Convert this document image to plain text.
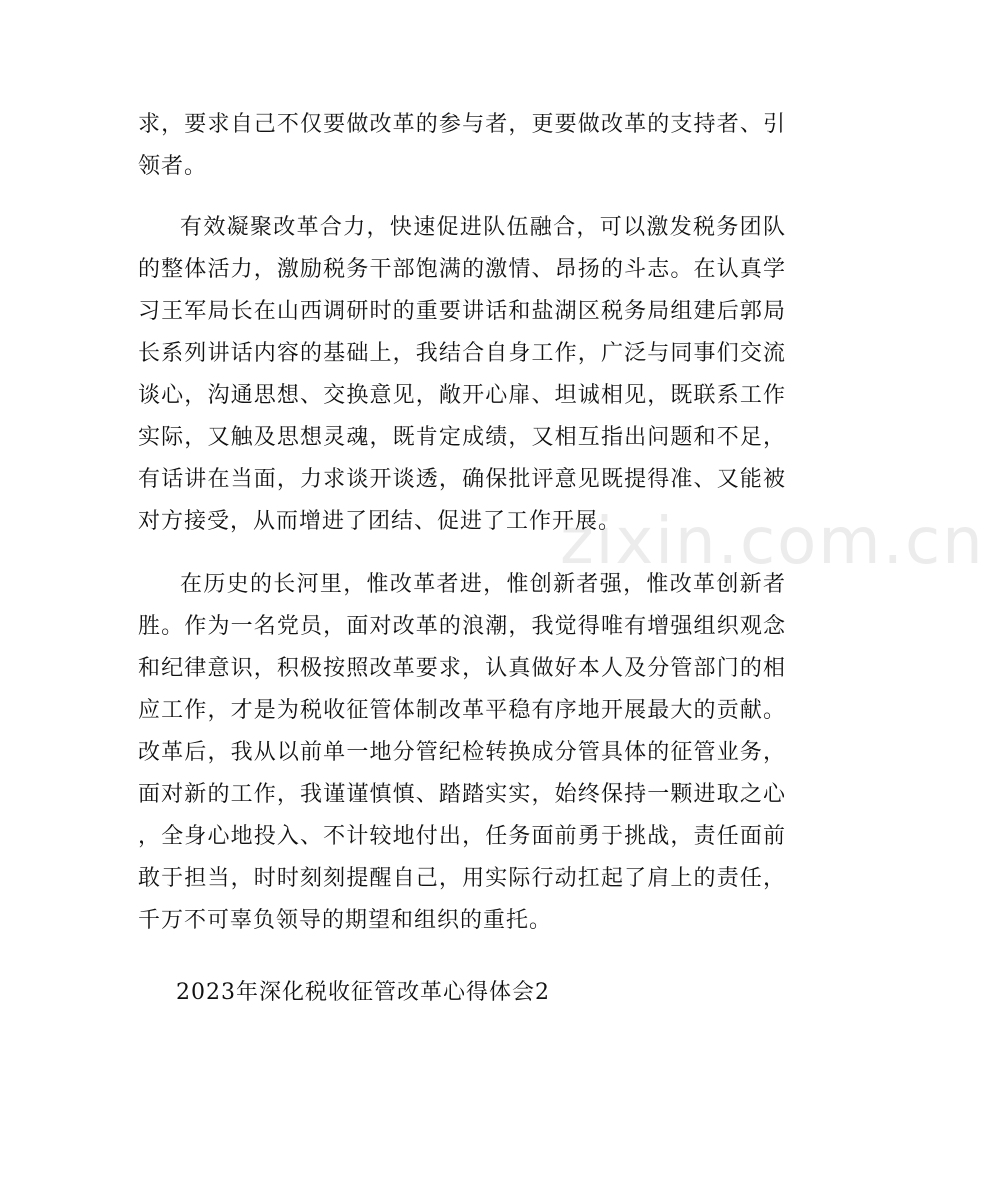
zixin.com.cn
求，要求自己不仅要做改革的参与者，更要做改革的支持者、引
领者。
有效凝聚改革合力，快速促进队伍融合，可以激发税务团队
的整体活力，激励税务干部饱满的激情、昂扬的斗志。在认真学
习王军局长在山西调研时的重要讲话和盐湖区税务局组建后郭局
长系列讲话内容的基础上，我结合自身工作，广泛与同事们交流
谈心，沟通思想、交换意见，敞开心扉、坦诚相见，既联系工作
实际，又触及思想灵魂，既肯定成绩，又相互指出问题和不足，
有话讲在当面，力求谈开谈透，确保批评意见既提得准、又能被
对方接受，从而增进了团结、促进了工作开展。
在历史的长河里，惟改革者进，惟创新者强，惟改革创新者
胜。作为一名党员，面对改革的浪潮，我觉得唯有增强组织观念
和纪律意识，积极按照改革要求，认真做好本人及分管部门的相
应工作，才是为税收征管体制改革平稳有序地开展最大的贡献。
改革后，我从以前单一地分管纪检转换成分管具体的征管业务，
面对新的工作，我谨谨慎慎、踏踏实实，始终保持一颗进取之心
，全身心地投入、不计较地付出，任务面前勇于挑战，责任面前
敢于担当，时时刻刻提醒自己，用实际行动扛起了肩上的责任，
千万不可辜负领导的期望和组织的重托。
2023年深化税收征管改革心得体会2
